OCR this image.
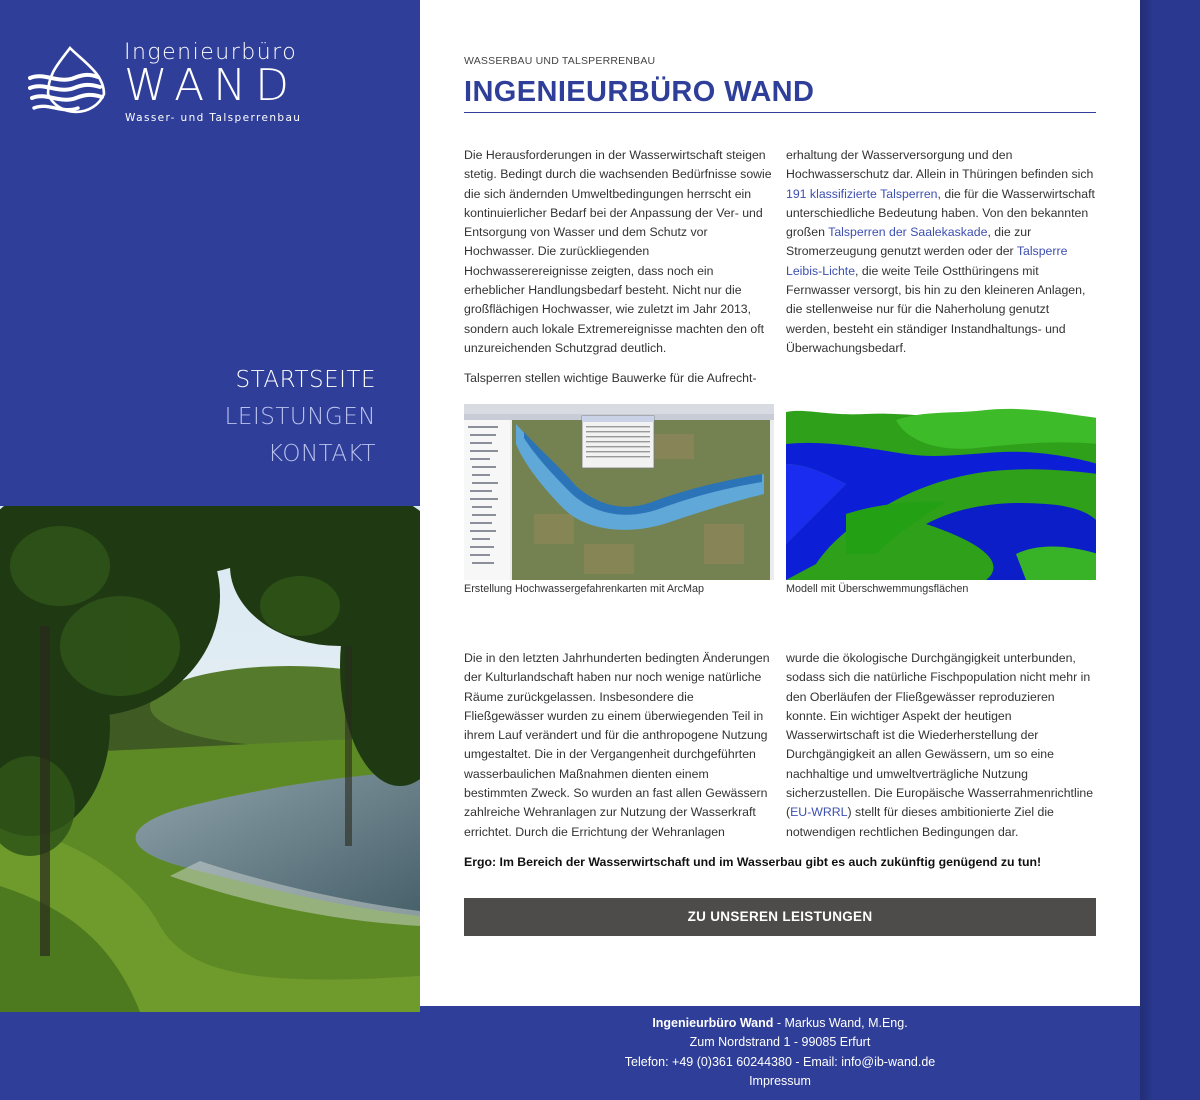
Ingenieurbüro
WAND
Wasser- und Talsperrenbau
STARTSEITE
LEISTUNGEN
KONTAKT
WASSERBAU UND TALSPERRENBAU
INGENIEURBÜRO WAND

Die Herausforderungen in der Wasserwirtschaft steigen stetig. Bedingt durch die wachsenden Bedürfnisse sowie die sich ändernden Umweltbedingungen herrscht ein kontinuierlicher Bedarf bei der Anpassung der Ver- und Entsorgung von Wasser und dem Schutz vor Hochwasser. Die zurückliegenden Hochwasserereignisse zeigten, dass noch ein erheblicher Handlungsbedarf besteht. Nicht nur die großflächigen Hochwasser, wie zuletzt im Jahr 2013, sondern auch lokale Extremereignisse machten den oft unzureichenden Schutzgrad deutlich.

Talsperren stellen wichtige Bauwerke für die Aufrecht-

erhaltung der Wasserversorgung und den Hochwasserschutz dar. Allein in Thüringen befinden sich 191 klassifizierte Talsperren, die für die Wasserwirtschaft unterschiedliche Bedeutung haben. Von den bekannten großen Talsperren der Saalekaskade, die zur Stromerzeugung genutzt werden oder der Talsperre Leibis-Lichte, die weite Teile Ostthüringens mit Fernwasser versorgt, bis hin zu den kleineren Anlagen, die stellenweise nur für die Naherholung genutzt werden, besteht ein ständiger Instandhaltungs- und Überwachungsbedarf.

Erstellung Hochwassergefahrenkarten mit ArcMap	Modell mit Überschwemmungsflächen

Die in den letzten Jahrhunderten bedingten Änderungen der Kulturlandschaft haben nur noch wenige natürliche Räume zurückgelassen. Insbesondere die Fließgewässer wurden zu einem überwiegenden Teil in ihrem Lauf verändert und für die anthropogene Nutzung umgestaltet. Die in der Vergangenheit durchgeführten wasserbaulichen Maßnahmen dienten einem bestimmten Zweck. So wurden an fast allen Gewässern zahlreiche Wehranlagen zur Nutzung der Wasserkraft errichtet. Durch die Errichtung der Wehranlagen

wurde die ökologische Durchgängigkeit unterbunden, sodass sich die natürliche Fischpopulation nicht mehr in den Oberläufen der Fließgewässer reproduzieren konnte. Ein wichtiger Aspekt der heutigen Wasserwirtschaft ist die Wiederherstellung der Durchgängigkeit an allen Gewässern, um so eine nachhaltige und umweltverträgliche Nutzung sicherzustellen. Die Europäische Wasserrahmenrichtline (EU-WRRL) stellt für dieses ambitionierte Ziel die notwendigen rechtlichen Bedingungen dar.

Ergo: Im Bereich der Wasserwirtschaft und im Wasserbau gibt es auch zukünftig genügend zu tun!
ZU UNSEREN LEISTUNGEN
Ingenieurbüro Wand - Markus Wand, M.Eng.
Zum Nordstrand 1 - 99085 Erfurt
Telefon: +49 (0)361 60244380 - Email: info@ib-wand.de
Impressum
